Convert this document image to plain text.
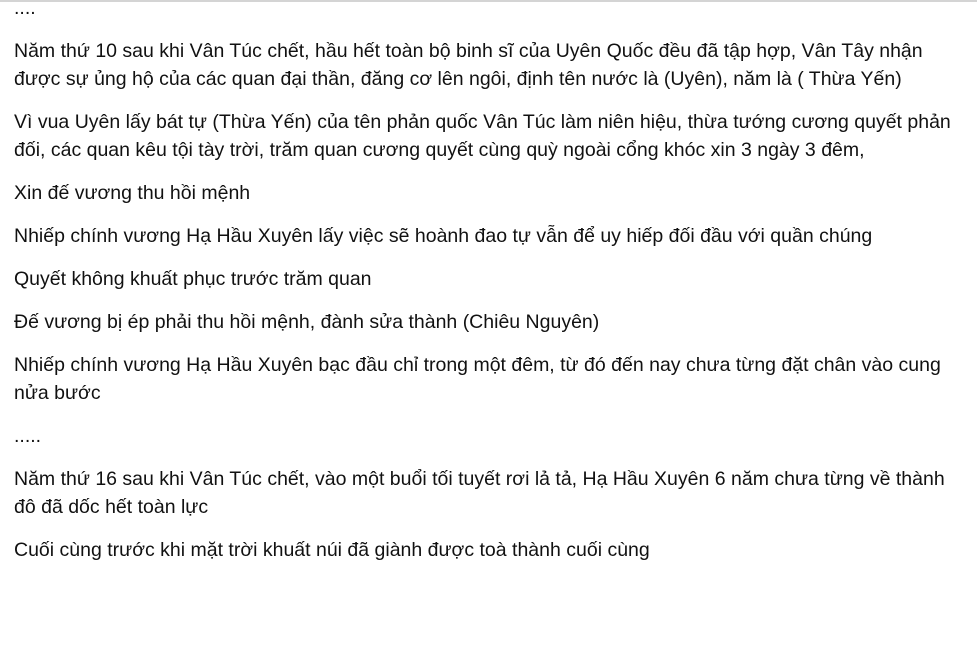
....

Năm thứ 10 sau khi Vân Túc chết, hầu hết toàn bộ binh sĩ của Uyên Quốc đều đã tập hợp, Vân Tây nhận được sự ủng hộ của các quan đại thần, đăng cơ lên ngôi, định tên nước là (Uyên), năm là ( Thừa Yến)

Vì vua Uyên lấy bát tự (Thừa Yến) của tên phản quốc Vân Túc làm niên hiệu, thừa tướng cương quyết phản đối, các quan kêu tội tày trời, trăm quan cương quyết cùng quỳ ngoài cổng khóc xin 3 ngày 3 đêm,

Xin đế vương thu hồi mệnh

Nhiếp chính vương Hạ Hầu Xuyên lấy việc sẽ hoành đao tự vẫn để uy hiếp đối đầu với quần chúng

Quyết không khuất phục trước trăm quan

Đế vương bị ép phải thu hồi mệnh, đành sửa thành (Chiêu Nguyên)

Nhiếp chính vương Hạ Hầu Xuyên bạc đầu chỉ trong một đêm, từ đó đến nay chưa từng đặt chân vào cung nửa bước

.....

Năm thứ 16 sau khi Vân Túc chết, vào một buổi tối tuyết rơi lả tả, Hạ Hầu Xuyên 6 năm chưa từng về thành đô đã dốc hết toàn lực

Cuối cùng trước khi mặt trời khuất núi đã giành được toà thành cuối cùng
